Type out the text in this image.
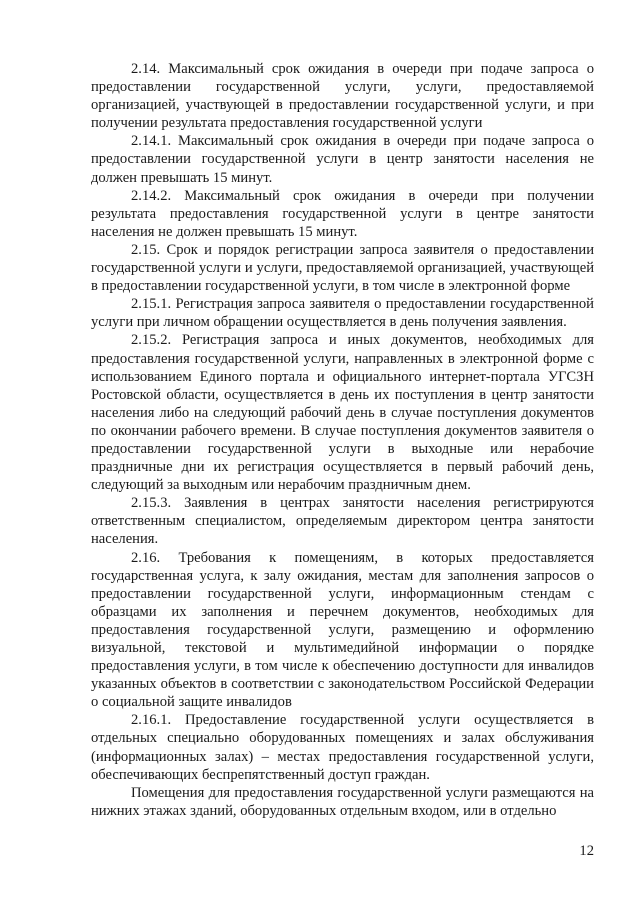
2.14. Максимальный срок ожидания в очереди при подаче запроса о предоставлении государственной услуги, услуги, предоставляемой организацией, участвующей в предоставлении государственной услуги, и при получении результата предоставления государственной услуги

2.14.1. Максимальный срок ожидания в очереди при подаче запроса о предоставлении государственной услуги в центр занятости населения не должен превышать 15 минут.

2.14.2. Максимальный срок ожидания в очереди при получении результата предоставления государственной услуги в центре занятости населения не должен превышать 15 минут.

2.15. Срок и порядок регистрации запроса заявителя о предоставлении государственной услуги и услуги, предоставляемой организацией, участвующей в предоставлении государственной услуги, в том числе в электронной форме

2.15.1. Регистрация запроса заявителя о предоставлении государственной услуги при личном обращении осуществляется в день получения заявления.

2.15.2. Регистрация запроса и иных документов, необходимых для предоставления государственной услуги, направленных в электронной форме с использованием Единого портала и официального интернет-портала УГСЗН Ростовской области, осуществляется в день их поступления в центр занятости населения либо на следующий рабочий день в случае поступления документов по окончании рабочего времени. В случае поступления документов заявителя о предоставлении государственной услуги в выходные или нерабочие праздничные дни их регистрация осуществляется в первый рабочий день, следующий за выходным или нерабочим праздничным днем.

2.15.3. Заявления в центрах занятости населения регистрируются ответственным специалистом, определяемым директором центра занятости населения.

2.16. Требования к помещениям, в которых предоставляется государственная услуга, к залу ожидания, местам для заполнения запросов о предоставлении государственной услуги, информационным стендам с образцами их заполнения и перечнем документов, необходимых для предоставления государственной услуги, размещению и оформлению визуальной, текстовой и мультимедийной информации о порядке предоставления услуги, в том числе к обеспечению доступности для инвалидов указанных объектов в соответствии с законодательством Российской Федерации о социальной защите инвалидов

2.16.1. Предоставление государственной услуги осуществляется в отдельных специально оборудованных помещениях и залах обслуживания (информационных залах) – местах предоставления государственной услуги, обеспечивающих беспрепятственный доступ граждан.

Помещения для предоставления государственной услуги размещаются на нижних этажах зданий, оборудованных отдельным входом, или в отдельно

12
